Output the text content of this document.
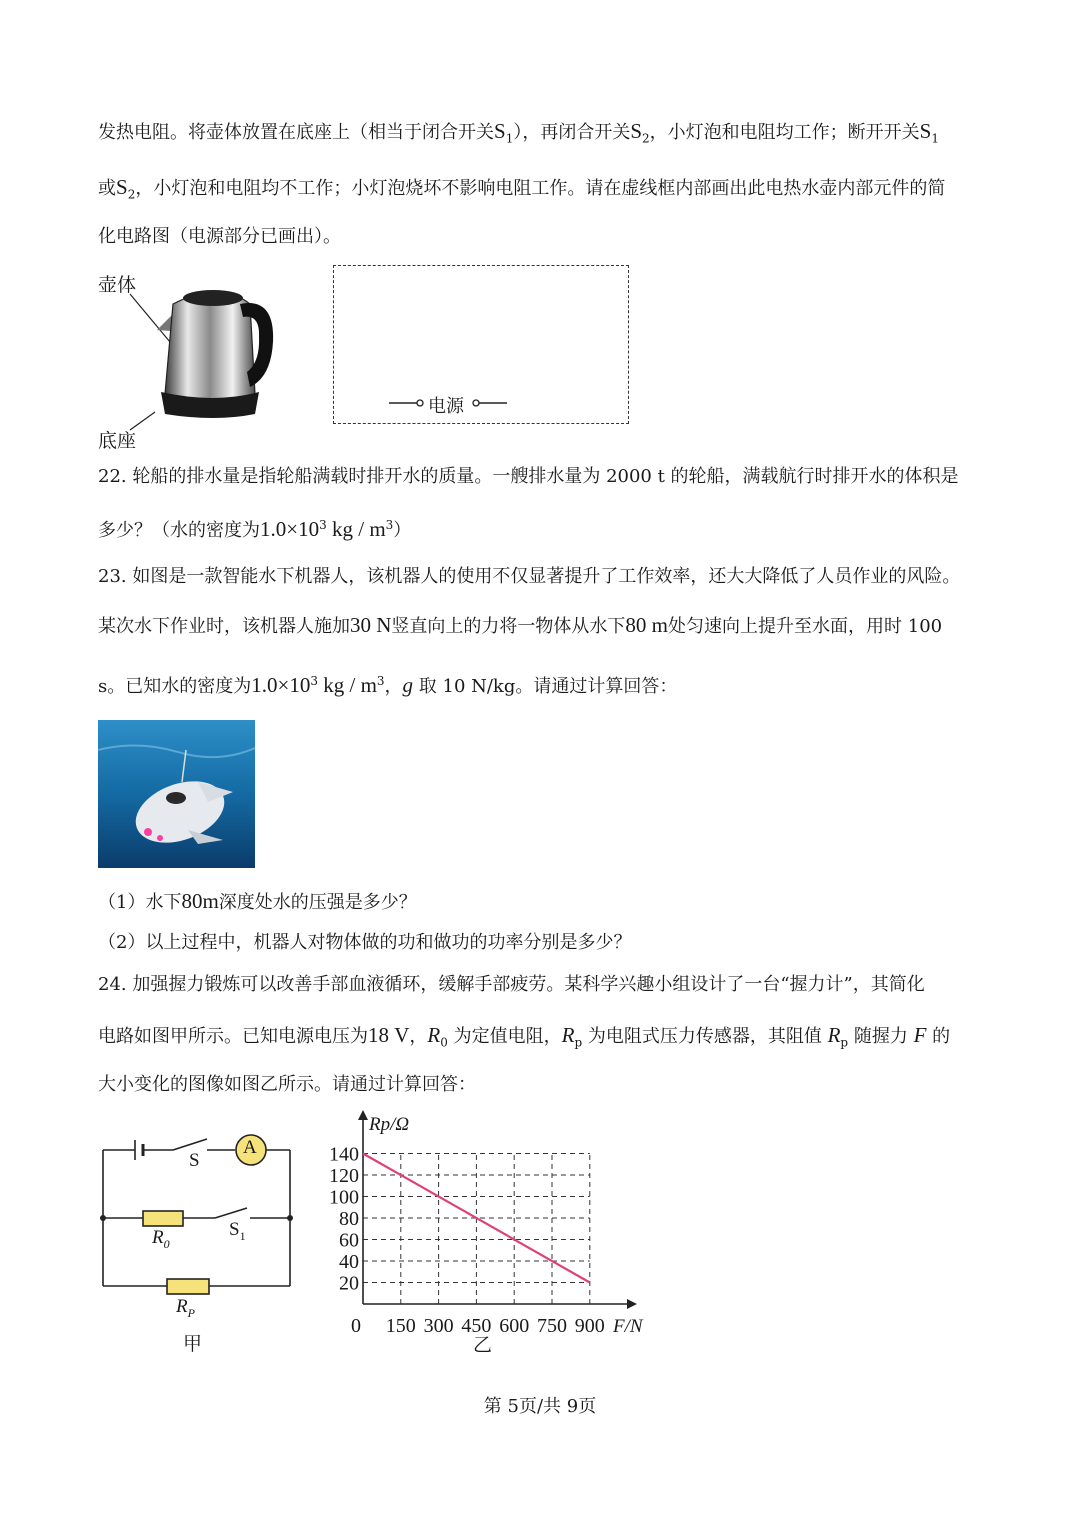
发热电阻。将壶体放置在底座上（相当于闭合开关$S_1$），再闭合开关$S_2$，小灯泡和电阻均工作；断开开关$S_1$
或$S_2$，小灯泡和电阻均不工作；小灯泡烧坏不影响电阻工作。请在虚线框内部画出此电热水壶内部元件的简
化电路图（电源部分已画出）。
壶体
底座
电源
22. 轮船的排水量是指轮船满载时排开水的质量。一艘排水量为 2000 t 的轮船，满载航行时排开水的体积是
多少？（水的密度为$1.0\times 10^3$ kg / $m^3$）
23. 如图是一款智能水下机器人，该机器人的使用不仅显著提升了工作效率，还大大降低了人员作业的风险。
某次水下作业时，该机器人施加30 N竖直向上的力将一物体从水下80 m处匀速向上提升至水面，用时 100
s。已知水的密度为$1.0\times 10^3$ kg / $m^3$，g 取 10 N/kg。请通过计算回答：
（1）水下80m深度处水的压强是多少？
（2）以上过程中，机器人对物体做的功和做功的功率分别是多少？
24. 加强握力锻炼可以改善手部血液循环，缓解手部疲劳。某科学兴趣小组设计了一台“握力计”，其简化
电路如图甲所示。已知电源电压为18 V，$R_0$ 为定值电阻，$R_p$ 为电阻式压力传感器，其阻值 $R_p$ 随握力 F 的
大小变化的图像如图乙所示。请通过计算回答：
S
A
$R_0$
$S_1$
$R_P$
甲
20
40
60
80
100
120
140
0 150 300 450 600 750 900
Rp/Ω
F/N
乙
第 5页/共 9页
